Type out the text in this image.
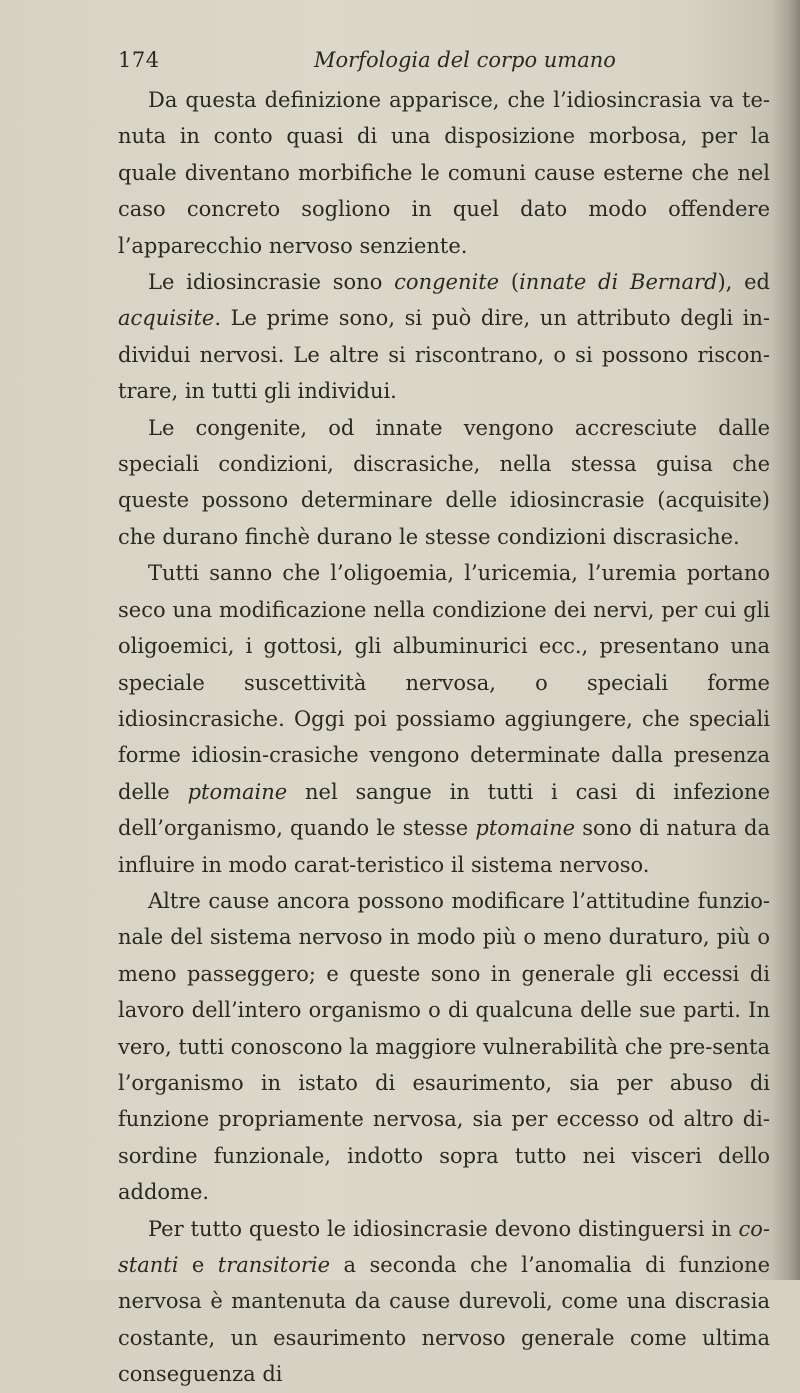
174	Morfologia del corpo umano

Da questa definizione apparisce, che l’idiosincrasia va te-nuta in conto quasi di una disposizione morbosa, per la quale diventano morbifiche le comuni cause esterne che nel caso concreto sogliono in quel dato modo offendere l’apparecchio nervoso senziente.

Le idiosincrasie sono congenite (innate di Bernard), ed acquisite. Le prime sono, si può dire, un attributo degli in-dividui nervosi. Le altre si riscontrano, o si possono riscon-trare, in tutti gli individui.

Le congenite, od innate vengono accresciute dalle speciali condizioni, discrasiche, nella stessa guisa che queste possono determinare delle idiosincrasie (acquisite) che durano finchè durano le stesse condizioni discrasiche.

Tutti sanno che l’oligoemia, l’uricemia, l’uremia portano seco una modificazione nella condizione dei nervi, per cui gli oligoemici, i gottosi, gli albuminurici ecc., presentano una speciale suscettività nervosa, o speciali forme idiosincrasiche. Oggi poi possiamo aggiungere, che speciali forme idiosin-crasiche vengono determinate dalla presenza delle ptomaine nel sangue in tutti i casi di infezione dell’organismo, quando le stesse ptomaine sono di natura da influire in modo carat-teristico il sistema nervoso.

Altre cause ancora possono modificare l’attitudine funzio-nale del sistema nervoso in modo più o meno duraturo, più o meno passeggero; e queste sono in generale gli eccessi di lavoro dell’intero organismo o di qualcuna delle sue parti. In vero, tutti conoscono la maggiore vulnerabilità che pre-senta l’organismo in istato di esaurimento, sia per abuso di funzione propriamente nervosa, sia per eccesso od altro di-sordine funzionale, indotto sopra tutto nei visceri dello addome.

Per tutto questo le idiosincrasie devono distinguersi in co-stanti e transitorie a seconda che l’anomalia di funzione nervosa è mantenuta da cause durevoli, come una discrasia costante, un esaurimento nervoso generale come ultima conseguenza di
